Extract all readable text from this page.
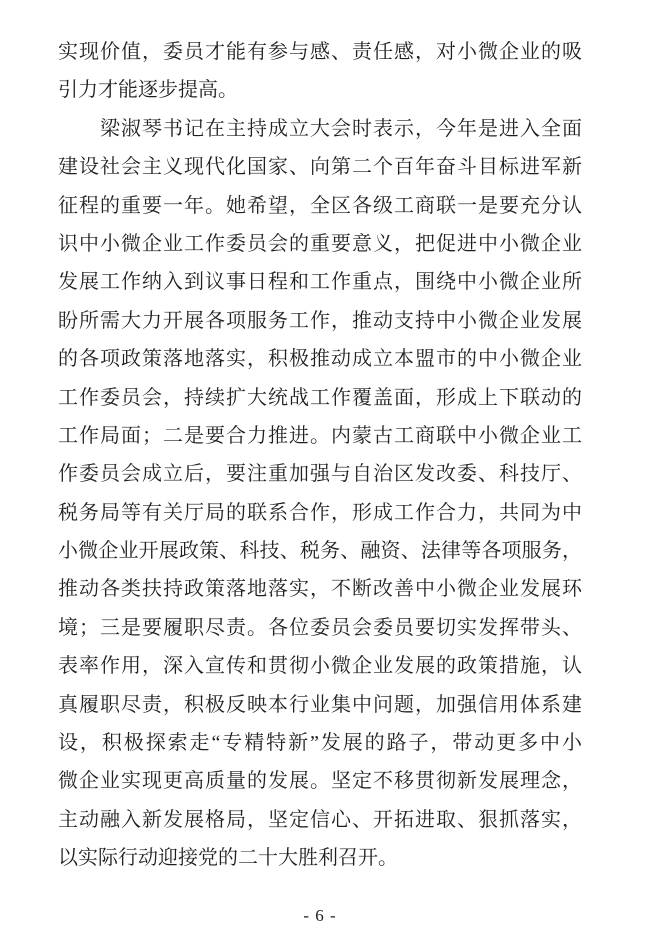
实现价值，委员才能有参与感、责任感，对小微企业的吸
引力才能逐步提高。
梁淑琴书记在主持成立大会时表示，今年是进入全面
建设社会主义现代化国家、向第二个百年奋斗目标进军新
征程的重要一年。她希望，全区各级工商联一是要充分认
识中小微企业工作委员会的重要意义，把促进中小微企业
发展工作纳入到议事日程和工作重点，围绕中小微企业所
盼所需大力开展各项服务工作，推动支持中小微企业发展
的各项政策落地落实，积极推动成立本盟市的中小微企业
工作委员会，持续扩大统战工作覆盖面，形成上下联动的
工作局面；二是要合力推进。内蒙古工商联中小微企业工
作委员会成立后，要注重加强与自治区发改委、科技厅、
税务局等有关厅局的联系合作，形成工作合力，共同为中
小微企业开展政策、科技、税务、融资、法律等各项服务，
推动各类扶持政策落地落实，不断改善中小微企业发展环
境；三是要履职尽责。各位委员会委员要切实发挥带头、
表率作用，深入宣传和贯彻小微企业发展的政策措施，认
真履职尽责，积极反映本行业集中问题，加强信用体系建
设，积极探索走“专精特新”发展的路子，带动更多中小
微企业实现更高质量的发展。坚定不移贯彻新发展理念，
主动融入新发展格局，坚定信心、开拓进取、狠抓落实，
以实际行动迎接党的二十大胜利召开。
- 6 -
